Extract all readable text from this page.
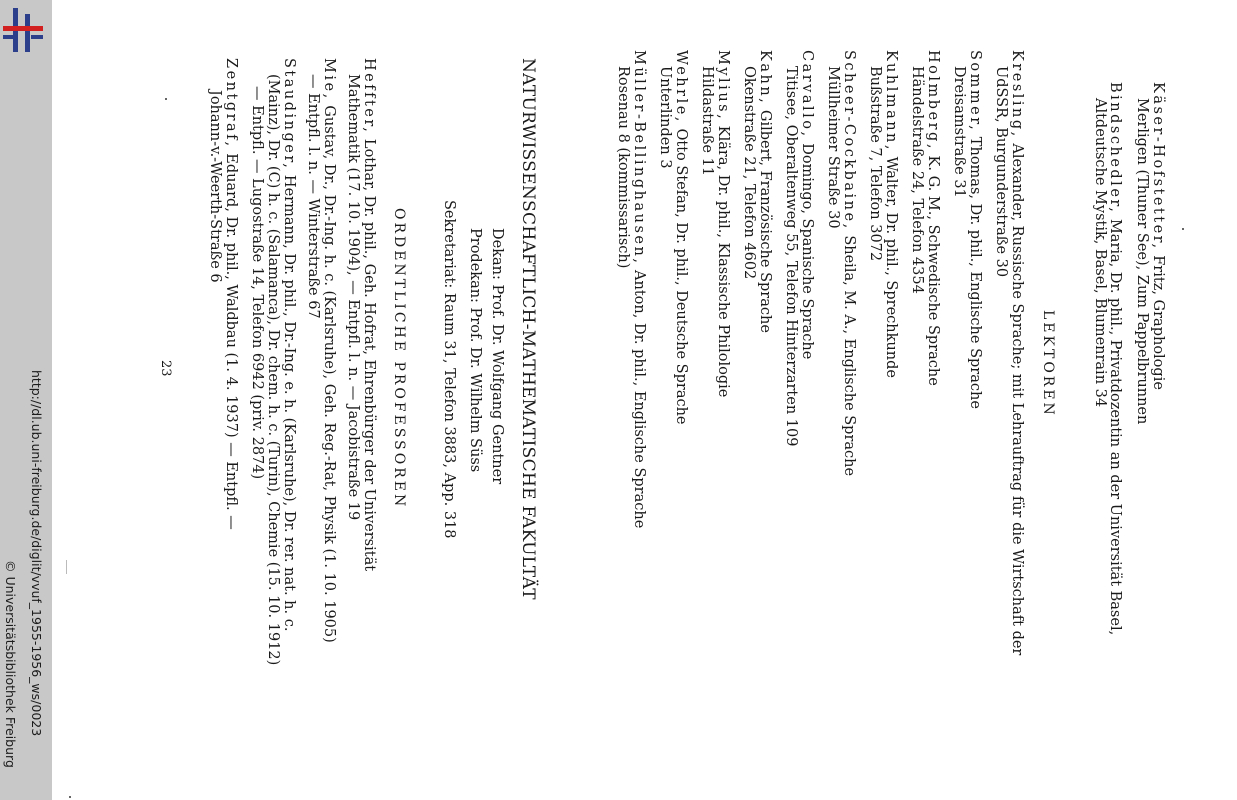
http://dl.ub.uni-freiburg.de/diglit/vvuf_1955-1956_ws/0023
© Universitätsbibliothek Freiburg
Käser-Hofstetter, Fritz, Graphologie
Merligen (Thuner See), Zum Pappelbrunnen
Bindschedler, Maria, Dr. phil., Privatdozentin an der Universität Basel,
Altdeutsche Mystik, Basel, Blumenrain 34
LEKTOREN
Kresling, Alexander, Russische Sprache; mit Lehrauftrag für die Wirtschaft der
UdSSR, Burgunderstraße 30
Sommer, Thomas, Dr. phil., Englische Sprache
Dreisamstraße 31
Holmberg, K. G. M., Schwedische Sprache
Händelstraße 24, Telefon 4354
Kuhlmann, Walter, Dr. phil., Sprechkunde
Bußstraße 7, Telefon 3072
Scheer-Cockbaine, Sheila, M. A., Englische Sprache
Müllheimer Straße 30
Carvallo, Domingo, Spanische Sprache
Titisee, Oberaltenweg 55, Telefon Hinterzarten 109
Kahn, Gilbert, Französische Sprache
Okenstraße 21, Telefon 4602
Mylius, Klära, Dr. phil., Klassische Philologie
Hildastraße 11
Wehrle, Otto Stefan, Dr. phil., Deutsche Sprache
Unterlinden 3
Müller-Bellinghausen, Anton, Dr. phil., Englische Sprache
Rosenau 8 (kommissarisch)
NATURWISSENSCHAFTLICH-MATHEMATISCHE FAKULTÄT
Dekan: Prof. Dr. Wolfgang Gentner
Prodekan: Prof. Dr. Wilhelm Süss
Sekretariat: Raum 31, Telefon 3883, App. 318
ORDENTLICHE PROFESSOREN
Heffter, Lothar, Dr. phil., Geh. Hofrat, Ehrenbürger der Universität
Mathematik (17. 10. 1904), — Entpfl. l. n. — Jacobistraße 19
Mie, Gustav, Dr., Dr.-Ing. h. c. (Karlsruhe), Geh. Reg.-Rat, Physik (1. 10. 1905)
— Entpfl. l. n. — Winterstraße 67
Staudinger, Hermann, Dr. phil., Dr.-Ing. e. h. (Karlsruhe), Dr. rer. nat. h. c.
(Mainz), Dr. (C) h. c. (Salamanca), Dr. chem. h. c. (Turin), Chemie (15. 10. 1912)
— Entpfl. — Lugostraße 14, Telefon 6942 (priv. 2874)
Zentgraf, Eduard, Dr. phil., Waldbau (1. 4. 1937) — Entpfl. —
Johann-v.-Weerth-Straße 6
23
